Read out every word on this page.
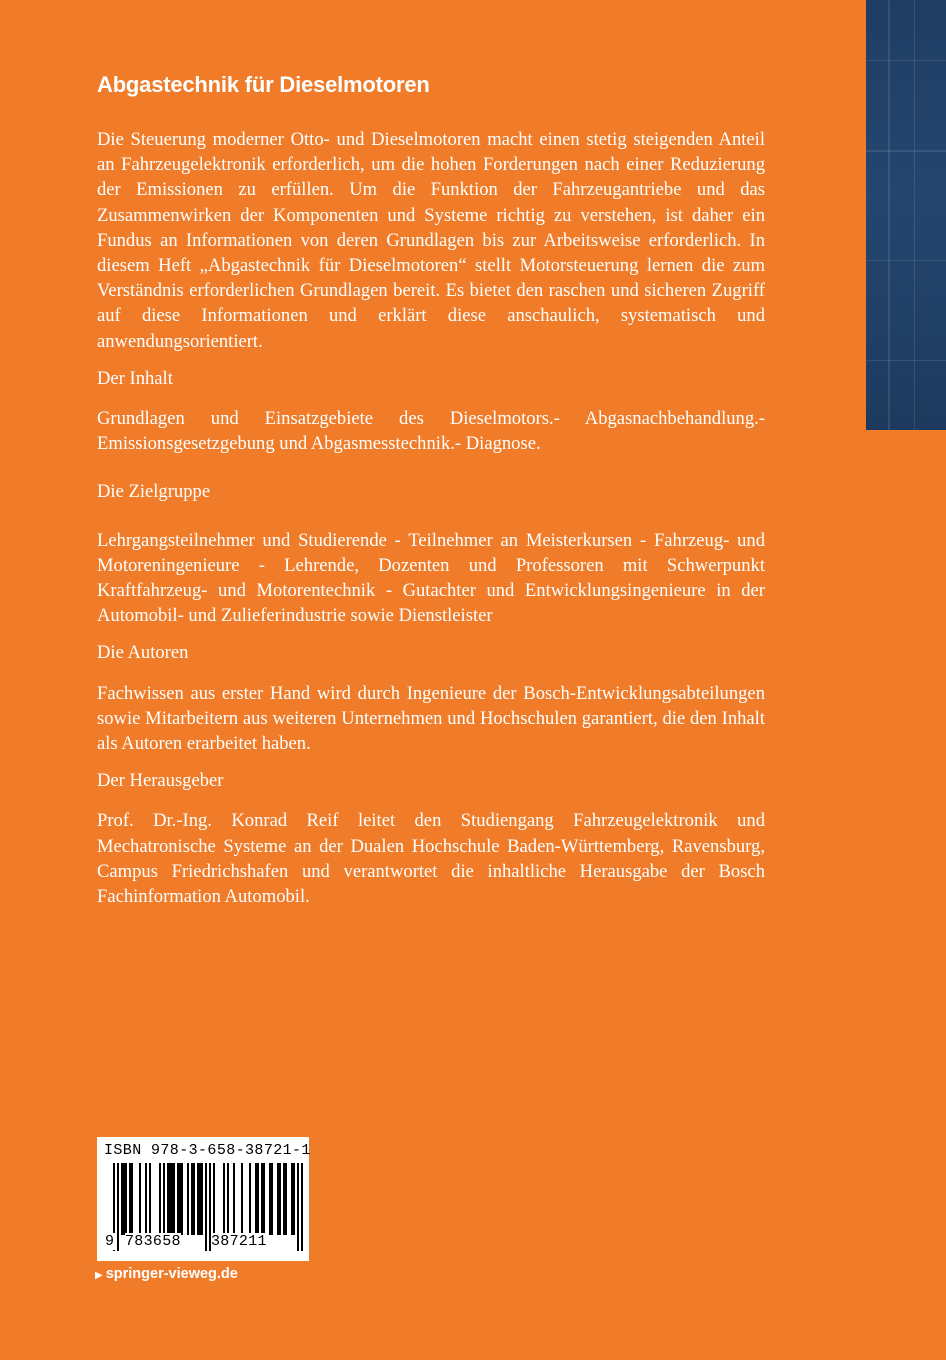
Abgastechnik für Dieselmotoren

Die Steuerung moderner Otto- und Dieselmotoren macht einen stetig steigenden Anteil an Fahrzeugelektronik erforderlich, um die hohen Forderungen nach einer Reduzierung der Emissionen zu erfüllen. Um die Funktion der Fahrzeugantriebe und das Zusammenwirken der Komponenten und Systeme richtig zu verstehen, ist daher ein Fundus an Informationen von deren Grundlagen bis zur Arbeitsweise erforderlich. In diesem Heft „Abgastechnik für Dieselmotoren“ stellt Motorsteuerung lernen die zum Verständnis erforderlichen Grundlagen bereit. Es bietet den raschen und sicheren Zugriff auf diese Informationen und erklärt diese anschaulich, systematisch und anwendungsorientiert.

Der Inhalt

Grundlagen und Einsatzgebiete des Dieselmotors.- Abgasnachbehandlung.- Emissionsgesetzgebung und Abgasmesstechnik.- Diagnose.

Die Zielgruppe

Lehrgangsteilnehmer und Studierende - Teilnehmer an Meisterkursen - Fahrzeug- und Motoreningenieure - Lehrende, Dozenten und Professoren mit Schwerpunkt Kraftfahrzeug- und Motorentechnik - Gutachter und Entwicklungsingenieure in der Automobil- und Zulieferindustrie sowie Dienstleister

Die Autoren

Fachwissen aus erster Hand wird durch Ingenieure der Bosch-Entwicklungsabteilungen sowie Mitarbeitern aus weiteren Unternehmen und Hochschulen garantiert, die den Inhalt als Autoren erarbeitet haben.

Der Herausgeber

Prof. Dr.-Ing. Konrad Reif leitet den Studiengang Fahrzeugelektronik und Mechatronische Systeme an der Dualen Hochschule Baden-Württemberg, Ravensburg, Campus Friedrichshafen und verantwortet die inhaltliche Herausgabe der Bosch Fachinformation Automobil.

ISBN 978-3-658-38721-1
9 783658 387211
▶ springer-vieweg.de
